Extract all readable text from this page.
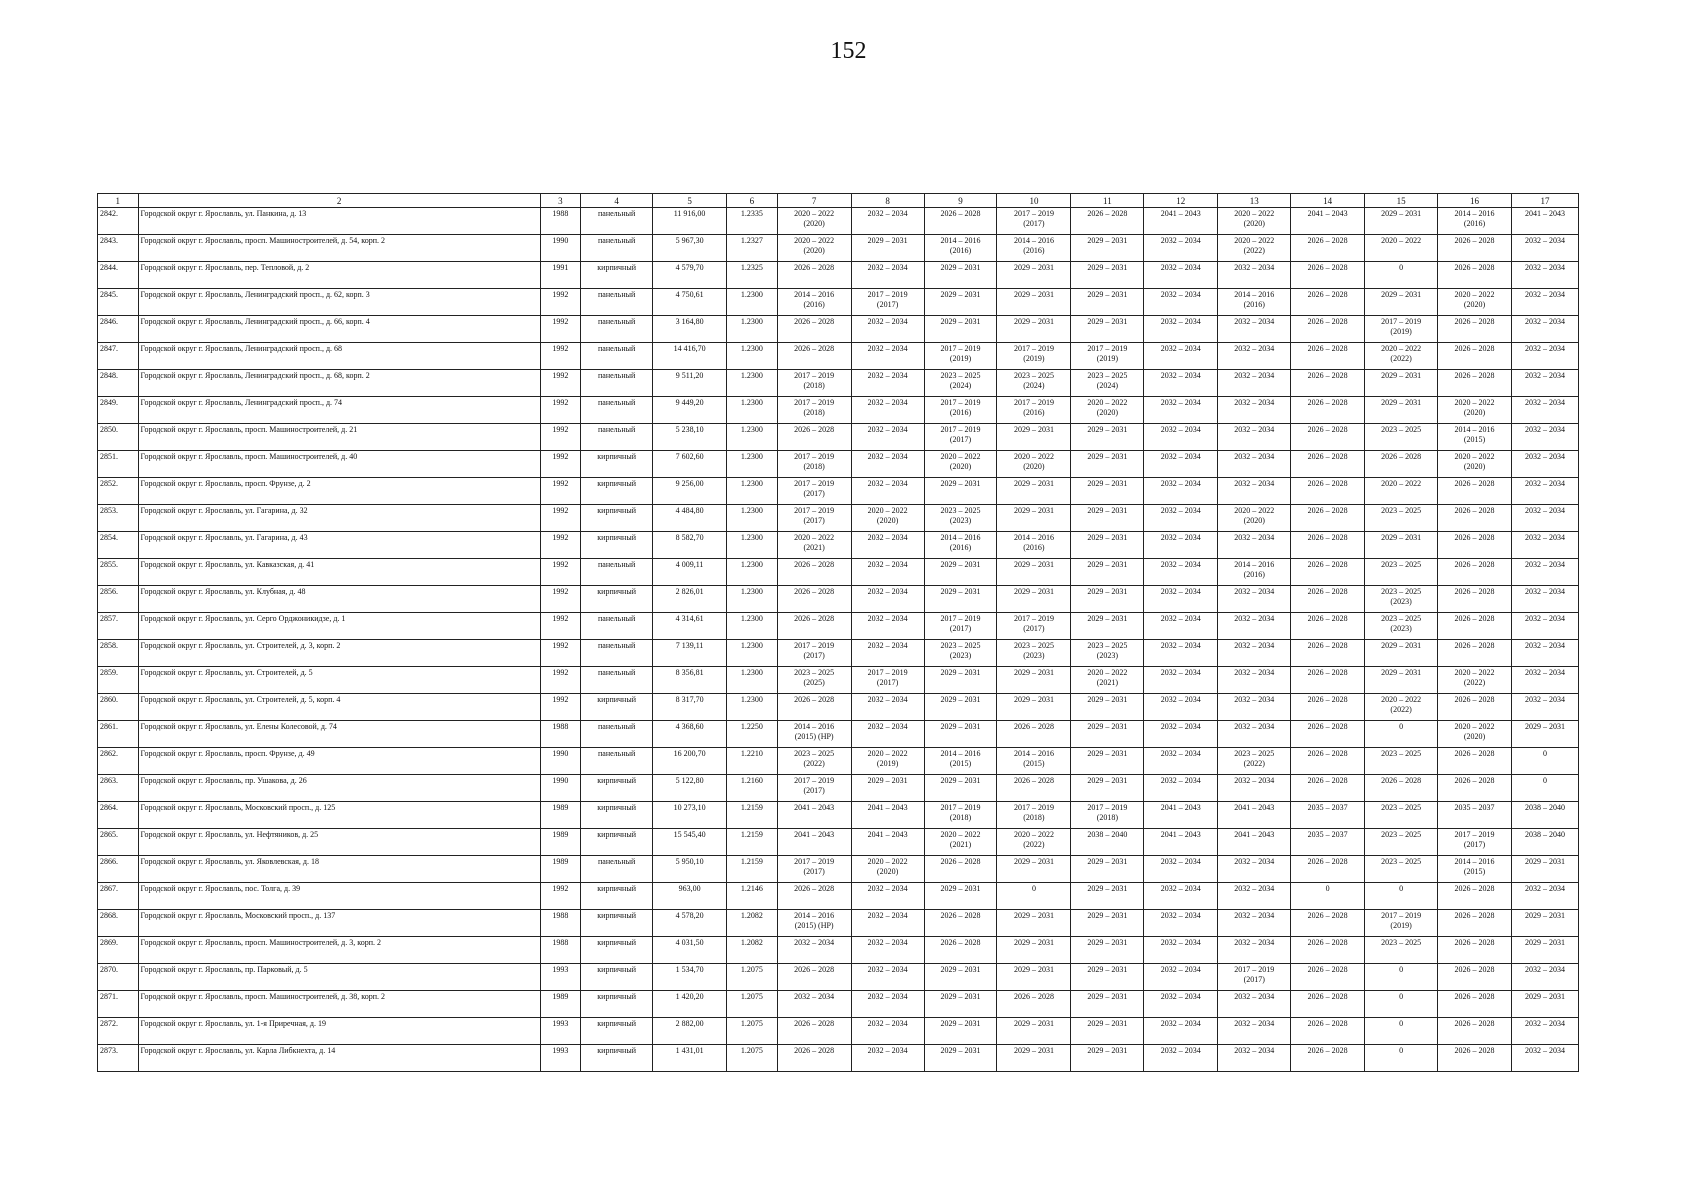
152
1	2	3	4	5	6	7	8	9	10	11	12	13	14	15	16	17
2842.	Городской округ г. Ярославль, ул. Панкина, д. 13	1988	панельный	11 916,00	1.2335	2020 – 2022
(2020)	2032 – 2034	2026 – 2028	2017 – 2019
(2017)	2026 – 2028	2041 – 2043	2020 – 2022
(2020)	2041 – 2043	2029 – 2031	2014 – 2016
(2016)	2041 – 2043
2843.	Городской округ г. Ярославль, просп. Машиностроителей, д. 54, корп. 2	1990	панельный	5 967,30	1.2327	2020 – 2022
(2020)	2029 – 2031	2014 – 2016
(2016)	2014 – 2016
(2016)	2029 – 2031	2032 – 2034	2020 – 2022
(2022)	2026 – 2028	2020 – 2022	2026 – 2028	2032 – 2034
2844.	Городской округ г. Ярославль, пер. Тепловой, д. 2	1991	кирпичный	4 579,70	1.2325	2026 – 2028	2032 – 2034	2029 – 2031	2029 – 2031	2029 – 2031	2032 – 2034	2032 – 2034	2026 – 2028	0	2026 – 2028	2032 – 2034
2845.	Городской округ г. Ярославль, Ленинградский просп., д. 62, корп. 3	1992	панельный	4 750,61	1.2300	2014 – 2016
(2016)	2017 – 2019
(2017)	2029 – 2031	2029 – 2031	2029 – 2031	2032 – 2034	2014 – 2016
(2016)	2026 – 2028	2029 – 2031	2020 – 2022
(2020)	2032 – 2034
2846.	Городской округ г. Ярославль, Ленинградский просп., д. 66, корп. 4	1992	панельный	3 164,80	1.2300	2026 – 2028	2032 – 2034	2029 – 2031	2029 – 2031	2029 – 2031	2032 – 2034	2032 – 2034	2026 – 2028	2017 – 2019
(2019)	2026 – 2028	2032 – 2034
2847.	Городской округ г. Ярославль, Ленинградский просп., д. 68	1992	панельный	14 416,70	1.2300	2026 – 2028	2032 – 2034	2017 – 2019
(2019)	2017 – 2019
(2019)	2017 – 2019
(2019)	2032 – 2034	2032 – 2034	2026 – 2028	2020 – 2022
(2022)	2026 – 2028	2032 – 2034
2848.	Городской округ г. Ярославль, Ленинградский просп., д. 68, корп. 2	1992	панельный	9 511,20	1.2300	2017 – 2019
(2018)	2032 – 2034	2023 – 2025
(2024)	2023 – 2025
(2024)	2023 – 2025
(2024)	2032 – 2034	2032 – 2034	2026 – 2028	2029 – 2031	2026 – 2028	2032 – 2034
2849.	Городской округ г. Ярославль, Ленинградский просп., д. 74	1992	панельный	9 449,20	1.2300	2017 – 2019
(2018)	2032 – 2034	2017 – 2019
(2016)	2017 – 2019
(2016)	2020 – 2022
(2020)	2032 – 2034	2032 – 2034	2026 – 2028	2029 – 2031	2020 – 2022
(2020)	2032 – 2034
2850.	Городской округ г. Ярославль, просп. Машиностроителей, д. 21	1992	панельный	5 238,10	1.2300	2026 – 2028	2032 – 2034	2017 – 2019
(2017)	2029 – 2031	2029 – 2031	2032 – 2034	2032 – 2034	2026 – 2028	2023 – 2025	2014 – 2016
(2015)	2032 – 2034
2851.	Городской округ г. Ярославль, просп. Машиностроителей, д. 40	1992	кирпичный	7 602,60	1.2300	2017 – 2019
(2018)	2032 – 2034	2020 – 2022
(2020)	2020 – 2022
(2020)	2029 – 2031	2032 – 2034	2032 – 2034	2026 – 2028	2026 – 2028	2020 – 2022
(2020)	2032 – 2034
2852.	Городской округ г. Ярославль, просп. Фрунзе, д. 2	1992	кирпичный	9 256,00	1.2300	2017 – 2019
(2017)	2032 – 2034	2029 – 2031	2029 – 2031	2029 – 2031	2032 – 2034	2032 – 2034	2026 – 2028	2020 – 2022	2026 – 2028	2032 – 2034
2853.	Городской округ г. Ярославль, ул. Гагарина, д. 32	1992	кирпичный	4 484,80	1.2300	2017 – 2019
(2017)	2020 – 2022
(2020)	2023 – 2025
(2023)	2029 – 2031	2029 – 2031	2032 – 2034	2020 – 2022
(2020)	2026 – 2028	2023 – 2025	2026 – 2028	2032 – 2034
2854.	Городской округ г. Ярославль, ул. Гагарина, д. 43	1992	кирпичный	8 582,70	1.2300	2020 – 2022
(2021)	2032 – 2034	2014 – 2016
(2016)	2014 – 2016
(2016)	2029 – 2031	2032 – 2034	2032 – 2034	2026 – 2028	2029 – 2031	2026 – 2028	2032 – 2034
2855.	Городской округ г. Ярославль, ул. Кавказская, д. 41	1992	панельный	4 009,11	1.2300	2026 – 2028	2032 – 2034	2029 – 2031	2029 – 2031	2029 – 2031	2032 – 2034	2014 – 2016
(2016)	2026 – 2028	2023 – 2025	2026 – 2028	2032 – 2034
2856.	Городской округ г. Ярославль, ул. Клубная, д. 48	1992	кирпичный	2 826,01	1.2300	2026 – 2028	2032 – 2034	2029 – 2031	2029 – 2031	2029 – 2031	2032 – 2034	2032 – 2034	2026 – 2028	2023 – 2025
(2023)	2026 – 2028	2032 – 2034
2857.	Городской округ г. Ярославль, ул. Серго Орджоникидзе, д. 1	1992	панельный	4 314,61	1.2300	2026 – 2028	2032 – 2034	2017 – 2019
(2017)	2017 – 2019
(2017)	2029 – 2031	2032 – 2034	2032 – 2034	2026 – 2028	2023 – 2025
(2023)	2026 – 2028	2032 – 2034
2858.	Городской округ г. Ярославль, ул. Строителей, д. 3, корп. 2	1992	панельный	7 139,11	1.2300	2017 – 2019
(2017)	2032 – 2034	2023 – 2025
(2023)	2023 – 2025
(2023)	2023 – 2025
(2023)	2032 – 2034	2032 – 2034	2026 – 2028	2029 – 2031	2026 – 2028	2032 – 2034
2859.	Городской округ г. Ярославль, ул. Строителей, д. 5	1992	панельный	8 356,81	1.2300	2023 – 2025
(2025)	2017 – 2019
(2017)	2029 – 2031	2029 – 2031	2020 – 2022
(2021)	2032 – 2034	2032 – 2034	2026 – 2028	2029 – 2031	2020 – 2022
(2022)	2032 – 2034
2860.	Городской округ г. Ярославль, ул. Строителей, д. 5, корп. 4	1992	кирпичный	8 317,70	1.2300	2026 – 2028	2032 – 2034	2029 – 2031	2029 – 2031	2029 – 2031	2032 – 2034	2032 – 2034	2026 – 2028	2020 – 2022
(2022)	2026 – 2028	2032 – 2034
2861.	Городской округ г. Ярославль, ул. Елены Колесовой, д. 74	1988	панельный	4 368,60	1.2250	2014 – 2016
(2015) (НР)	2032 – 2034	2029 – 2031	2026 – 2028	2029 – 2031	2032 – 2034	2032 – 2034	2026 – 2028	0	2020 – 2022
(2020)	2029 – 2031
2862.	Городской округ г. Ярославль, просп. Фрунзе, д. 49	1990	панельный	16 200,70	1.2210	2023 – 2025
(2022)	2020 – 2022
(2019)	2014 – 2016
(2015)	2014 – 2016
(2015)	2029 – 2031	2032 – 2034	2023 – 2025
(2022)	2026 – 2028	2023 – 2025	2026 – 2028	0
2863.	Городской округ г. Ярославль, пр. Ушакова, д. 26	1990	кирпичный	5 122,80	1.2160	2017 – 2019
(2017)	2029 – 2031	2029 – 2031	2026 – 2028	2029 – 2031	2032 – 2034	2032 – 2034	2026 – 2028	2026 – 2028	2026 – 2028	0
2864.	Городской округ г. Ярославль, Московский просп., д. 125	1989	кирпичный	10 273,10	1.2159	2041 – 2043	2041 – 2043	2017 – 2019
(2018)	2017 – 2019
(2018)	2017 – 2019
(2018)	2041 – 2043	2041 – 2043	2035 – 2037	2023 – 2025	2035 – 2037	2038 – 2040
2865.	Городской округ г. Ярославль, ул. Нефтяников, д. 25	1989	кирпичный	15 545,40	1.2159	2041 – 2043	2041 – 2043	2020 – 2022
(2021)	2020 – 2022
(2022)	2038 – 2040	2041 – 2043	2041 – 2043	2035 – 2037	2023 – 2025	2017 – 2019
(2017)	2038 – 2040
2866.	Городской округ г. Ярославль, ул. Яковлевская, д. 18	1989	панельный	5 950,10	1.2159	2017 – 2019
(2017)	2020 – 2022
(2020)	2026 – 2028	2029 – 2031	2029 – 2031	2032 – 2034	2032 – 2034	2026 – 2028	2023 – 2025	2014 – 2016
(2015)	2029 – 2031
2867.	Городской округ г. Ярославль, пос. Толга, д. 39	1992	кирпичный	963,00	1.2146	2026 – 2028	2032 – 2034	2029 – 2031	0	2029 – 2031	2032 – 2034	2032 – 2034	0	0	2026 – 2028	2032 – 2034
2868.	Городской округ г. Ярославль, Московский просп., д. 137	1988	кирпичный	4 578,20	1.2082	2014 – 2016
(2015) (НР)	2032 – 2034	2026 – 2028	2029 – 2031	2029 – 2031	2032 – 2034	2032 – 2034	2026 – 2028	2017 – 2019
(2019)	2026 – 2028	2029 – 2031
2869.	Городской округ г. Ярославль, просп. Машиностроителей, д. 3, корп. 2	1988	кирпичный	4 031,50	1.2082	2032 – 2034	2032 – 2034	2026 – 2028	2029 – 2031	2029 – 2031	2032 – 2034	2032 – 2034	2026 – 2028	2023 – 2025	2026 – 2028	2029 – 2031
2870.	Городской округ г. Ярославль, пр. Парковый, д. 5	1993	кирпичный	1 534,70	1.2075	2026 – 2028	2032 – 2034	2029 – 2031	2029 – 2031	2029 – 2031	2032 – 2034	2017 – 2019
(2017)	2026 – 2028	0	2026 – 2028	2032 – 2034
2871.	Городской округ г. Ярославль, просп. Машиностроителей, д. 38, корп. 2	1989	кирпичный	1 420,20	1.2075	2032 – 2034	2032 – 2034	2029 – 2031	2026 – 2028	2029 – 2031	2032 – 2034	2032 – 2034	2026 – 2028	0	2026 – 2028	2029 – 2031
2872.	Городской округ г. Ярославль, ул. 1-я Приречная, д. 19	1993	кирпичный	2 882,00	1.2075	2026 – 2028	2032 – 2034	2029 – 2031	2029 – 2031	2029 – 2031	2032 – 2034	2032 – 2034	2026 – 2028	0	2026 – 2028	2032 – 2034
2873.	Городской округ г. Ярославль, ул. Карла Либкнехта, д. 14	1993	кирпичный	1 431,01	1.2075	2026 – 2028	2032 – 2034	2029 – 2031	2029 – 2031	2029 – 2031	2032 – 2034	2032 – 2034	2026 – 2028	0	2026 – 2028	2032 – 2034
